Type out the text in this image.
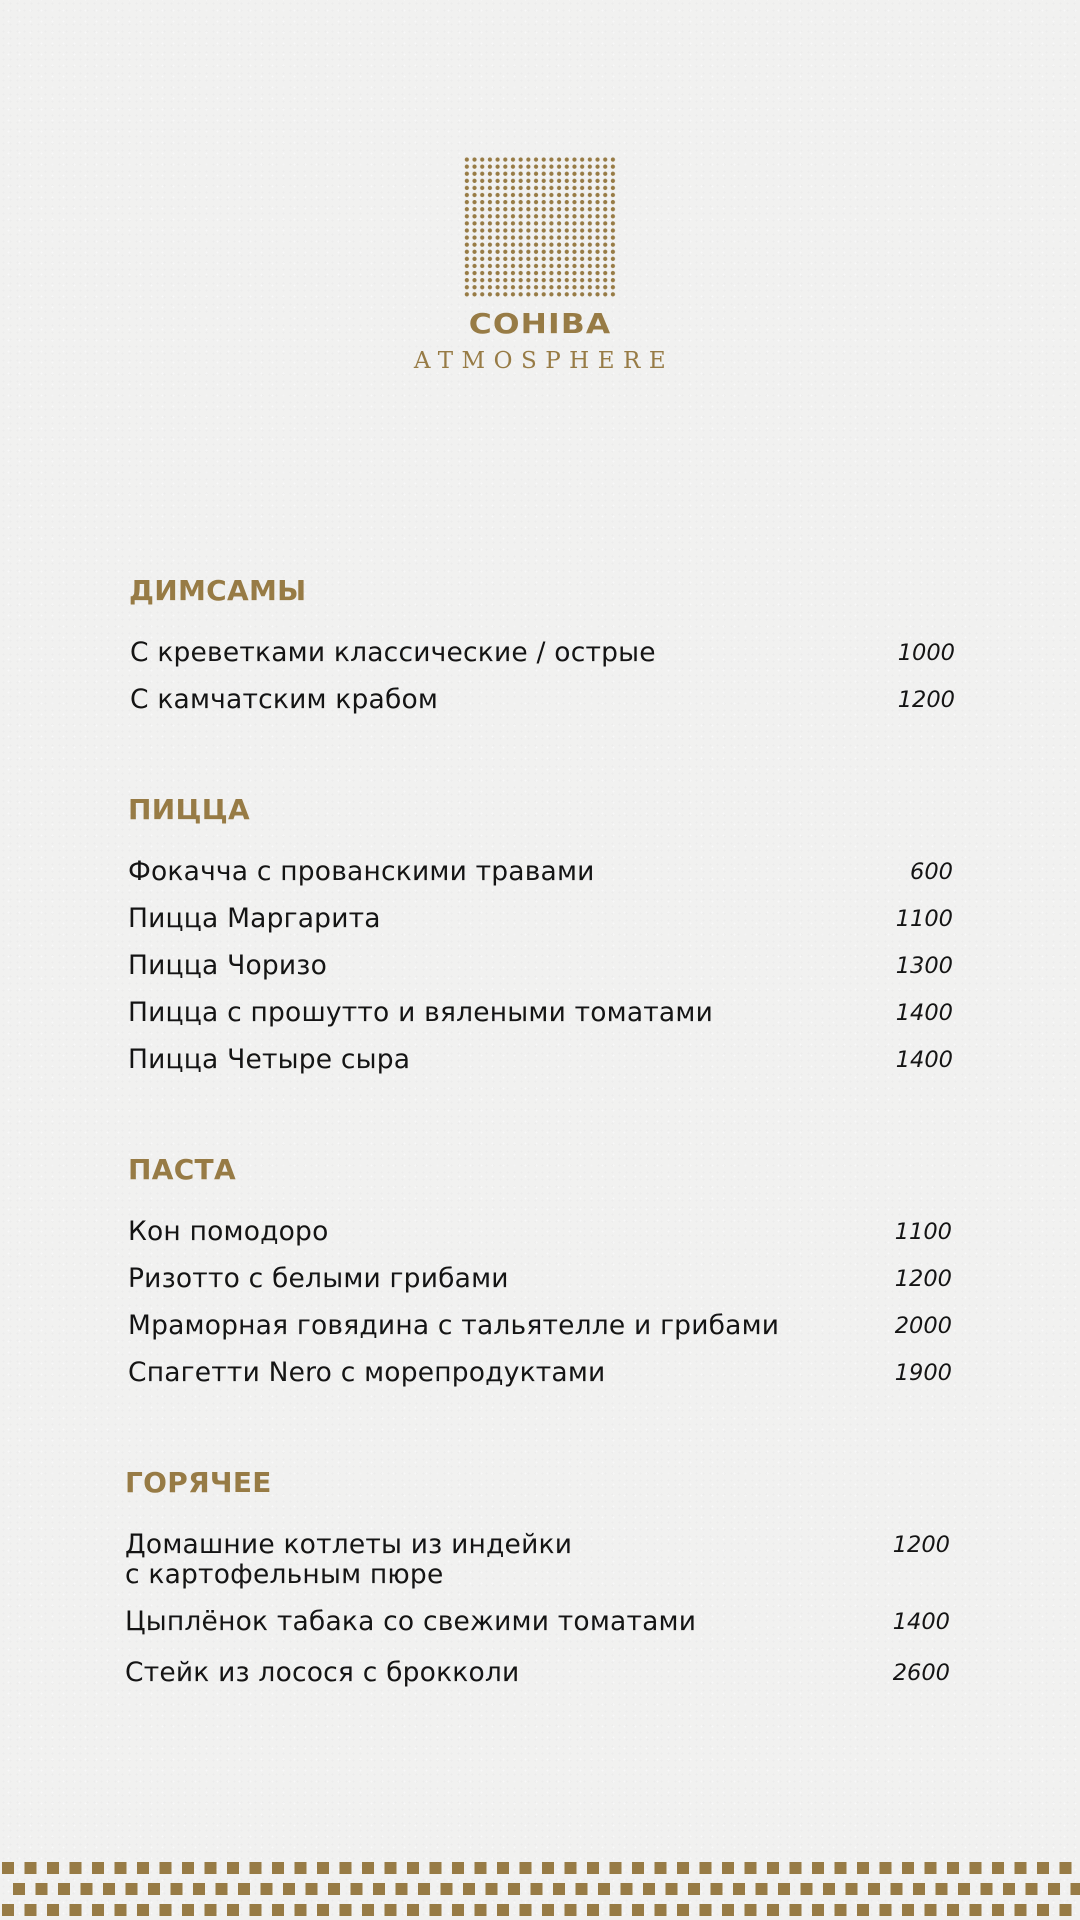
COHIBA
ATMOSPHERE
ДИМСАМЫ
С креветками классические / острые	1000
С камчатским крабом	1200
ПИЦЦА
Фокачча с прованскими травами	600
Пицца Маргарита	1100
Пицца Чоризо	1300
Пицца с прошутто и вялеными томатами	1400
Пицца Четыре сыра	1400
ПАСТА
Кон помодоро	1100
Ризотто с белыми грибами	1200
Мраморная говядина с тальятелле и грибами	2000
Спагетти Nero с морепродуктами	1900
ГОРЯЧЕЕ
Домашние котлеты из индейки
с картофельным пюре
1200
Цыплёнок табака со свежими томатами	1400
Стейк из лосося с брокколи	2600
